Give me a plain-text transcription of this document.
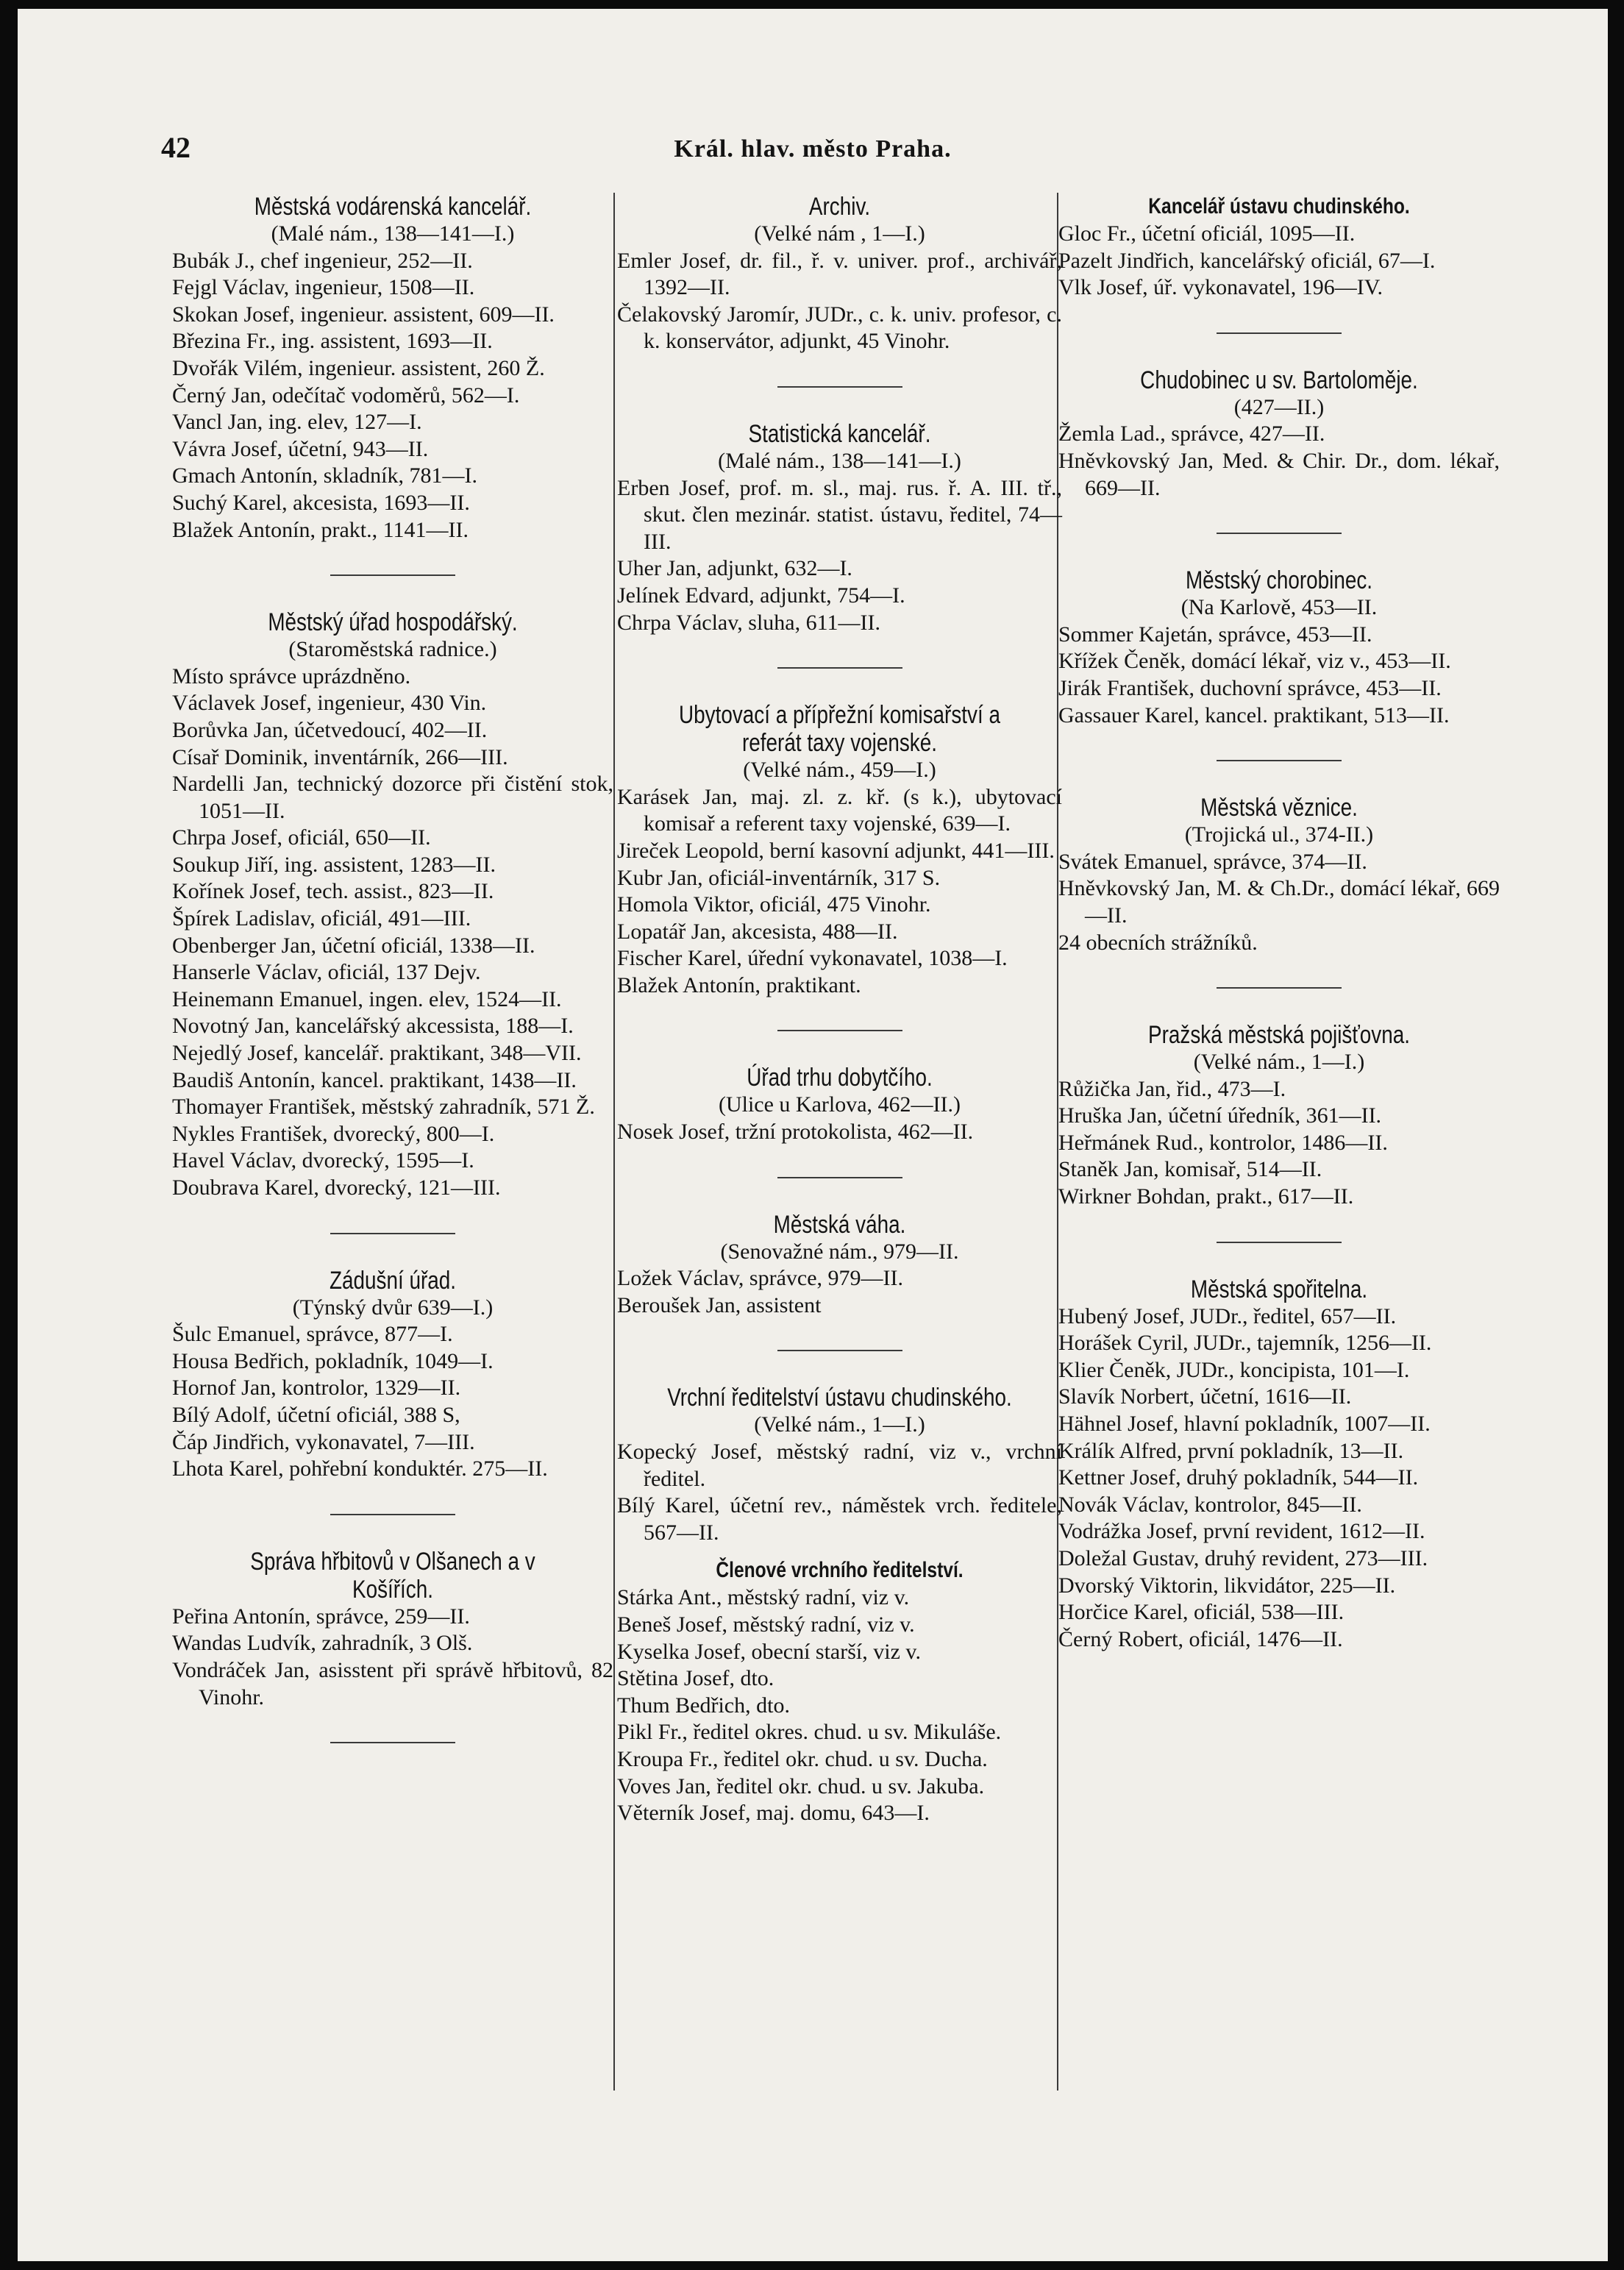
42	Král. hlav. město Praha.

Městská vodárenská kancelář.

(Malé nám., 138—141—I.)

Bubák J., chef ingenieur, 252—II.

Fejgl Václav, ingenieur, 1508—II.

Skokan Josef, ingenieur. assistent, 609—II.

Březina Fr., ing. assistent, 1693—II.

Dvořák Vilém, ingenieur. assistent, 260 Ž.

Černý Jan, odečítač vodoměrů, 562—I.

Vancl Jan, ing. elev, 127—I.

Vávra Josef, účetní, 943—II.

Gmach Antonín, skladník, 781—I.

Suchý Karel, akcesista, 1693—II.

Blažek Antonín, prakt., 1141—II.

Městský úřad hospodářský.

(Staroměstská radnice.)

Místo správce uprázdněno.

Václavek Josef, ingenieur, 430 Vin.

Borůvka Jan, účetvedoucí, 402—II.

Císař Dominik, inventárník, 266—III.

Nardelli Jan, technický dozorce při čistění stok, 1051—II.

Chrpa Josef, oficiál, 650—II.

Soukup Jiří, ing. assistent, 1283—II.

Kořínek Josef, tech. assist., 823—II.

Špírek Ladislav, oficiál, 491—III.

Obenberger Jan, účetní oficiál, 1338—II.

Hanserle Václav, oficiál, 137 Dejv.

Heinemann Emanuel, ingen. elev, 1524—II.

Novotný Jan, kancelářský akcessista, 188—I.

Nejedlý Josef, kancelář. praktikant, 348—VII.

Baudiš Antonín, kancel. praktikant, 1438—II.

Thomayer František, městský zahradník, 571 Ž.

Nykles František, dvorecký, 800—I.

Havel Václav, dvorecký, 1595—I.

Doubrava Karel, dvorecký, 121—III.

Zádušní úřad.

(Týnský dvůr 639—I.)

Šulc Emanuel, správce, 877—I.

Housa Bedřich, pokladník, 1049—I.

Hornof Jan, kontrolor, 1329—II.

Bílý Adolf, účetní oficiál, 388 S,

Čáp Jindřich, vykonavatel, 7—III.

Lhota Karel, pohřební konduktér. 275—II.

Správa hřbitovů v Olšanech a v Košířích.

Peřina Antonín, správce, 259—II.

Wandas Ludvík, zahradník, 3 Olš.

Vondráček Jan, asisstent při správě hřbitovů, 82 Vinohr.

Archiv.

(Velké nám , 1—I.)

Emler Josef, dr. fil., ř. v. univer. prof., archivář, 1392—II.

Čelakovský Jaromír, JUDr., c. k. univ. profesor, c. k. konservátor, adjunkt, 45 Vinohr.

Statistická kancelář.

(Malé nám., 138—141—I.)

Erben Josef, prof. m. sl., maj. rus. ř. A. III. tř., skut. člen mezinár. statist. ústavu, ředitel, 74—III.

Uher Jan, adjunkt, 632—I.

Jelínek Edvard, adjunkt, 754—I.

Chrpa Václav, sluha, 611—II.

Ubytovací a přípřežní komisařství a referát taxy vojenské.

(Velké nám., 459—I.)

Karásek Jan, maj. zl. z. kř. (s k.), ubytovací komisař a referent taxy vojenské, 639—I.

Jireček Leopold, berní kasovní adjunkt, 441—III.

Kubr Jan, oficiál-inventárník, 317 S.

Homola Viktor, oficiál, 475 Vinohr.

Lopatář Jan, akcesista, 488—II.

Fischer Karel, úřední vykonavatel, 1038—I.

Blažek Antonín, praktikant.

Úřad trhu dobytčího.

(Ulice u Karlova, 462—II.)

Nosek Josef, tržní protokolista, 462—II.

Městská váha.

(Senovažné nám., 979—II.

Ložek Václav, správce, 979—II.

Beroušek Jan, assistent

Vrchní ředitelství ústavu chudinského.

(Velké nám., 1—I.)

Kopecký Josef, městský radní, viz v., vrchní ředitel.

Bílý Karel, účetní rev., náměstek vrch. ředitele, 567—II.

Členové vrchního ředitelství.

Stárka Ant., městský radní, viz v.

Beneš Josef, městský radní, viz v.

Kyselka Josef, obecní starší, viz v.

Stětina Josef, dto.

Thum Bedřich, dto.

Pikl Fr., ředitel okres. chud. u sv. Mikuláše.

Kroupa Fr., ředitel okr. chud. u sv. Ducha.

Voves Jan, ředitel okr. chud. u sv. Jakuba.

Věterník Josef, maj. domu, 643—I.

Kancelář ústavu chudinského.

Gloc Fr., účetní oficiál, 1095—II.

Pazelt Jindřich, kancelářský oficiál, 67—I.

Vlk Josef, úř. vykonavatel, 196—IV.

Chudobinec u sv. Bartoloměje.

(427—II.)

Žemla Lad., správce, 427—II.

Hněvkovský Jan, Med. & Chir. Dr., dom. lékař, 669—II.

Městský chorobinec.

(Na Karlově, 453—II.

Sommer Kajetán, správce, 453—II.

Křížek Čeněk, domácí lékař, viz v., 453—II.

Jirák František, duchovní správce, 453—II.

Gassauer Karel, kancel. praktikant, 513—II.

Městská věznice.

(Trojická ul., 374-II.)

Svátek Emanuel, správce, 374—II.

Hněvkovský Jan, M. & Ch.Dr., domácí lékař, 669—II.

24 obecních strážníků.

Pražská městská pojišťovna.

(Velké nám., 1—I.)

Růžička Jan, řid., 473—I.

Hruška Jan, účetní úředník, 361—II.

Heřmánek Rud., kontrolor, 1486—II.

Staněk Jan, komisař, 514—II.

Wirkner Bohdan, prakt., 617—II.

Městská spořitelna.

Hubený Josef, JUDr., ředitel, 657—II.

Horášek Cyril, JUDr., tajemník, 1256—II.

Klier Čeněk, JUDr., koncipista, 101—I.

Slavík Norbert, účetní, 1616—II.

Hähnel Josef, hlavní pokladník, 1007—II.

Králík Alfred, první pokladník, 13—II.

Kettner Josef, druhý pokladník, 544—II.

Novák Václav, kontrolor, 845—II.

Vodrážka Josef, první revident, 1612—II.

Doležal Gustav, druhý revident, 273—III.

Dvorský Viktorin, likvidátor, 225—II.

Horčice Karel, oficiál, 538—III.

Černý Robert, oficiál, 1476—II.
